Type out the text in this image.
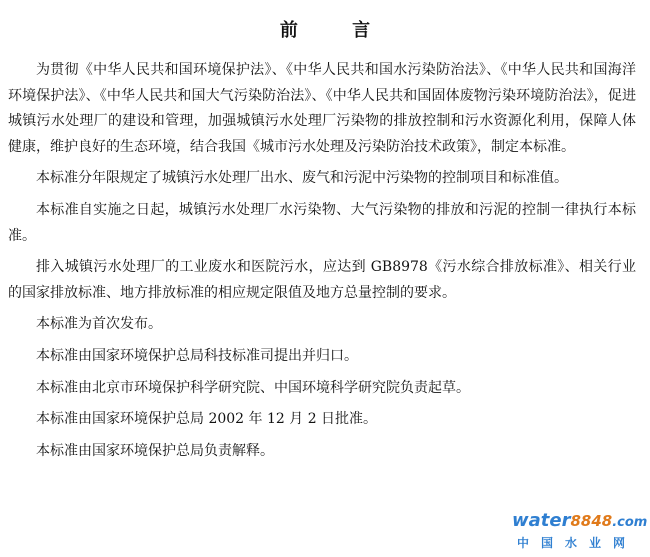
前 言

为贯彻《中华人民共和国环境保护法》、《中华人民共和国水污染防治法》、《中华人民共和国海洋环境保护法》、《中华人民共和国大气污染防治法》、《中华人民共和国固体废物污染环境防治法》，促进城镇污水处理厂的建设和管理，加强城镇污水处理厂污染物的排放控制和污水资源化利用，保障人体健康，维护良好的生态环境，结合我国《城市污水处理及污染防治技术政策》，制定本标准。

本标准分年限规定了城镇污水处理厂出水、废气和污泥中污染物的控制项目和标准值。

本标准自实施之日起，城镇污水处理厂水污染物、大气污染物的排放和污泥的控制一律执行本标准。

排入城镇污水处理厂的工业废水和医院污水，应达到 GB8978《污水综合排放标准》、相关行业的国家排放标准、地方排放标准的相应规定限值及地方总量控制的要求。

本标准为首次发布。

本标准由国家环境保护总局科技标准司提出并归口。

本标准由北京市环境保护科学研究院、中国环境科学研究院负责起草。

本标准由国家环境保护总局 2002 年 12 月 2 日批准。

本标准由国家环境保护总局负责解释。

water8848.com
中国水业网
